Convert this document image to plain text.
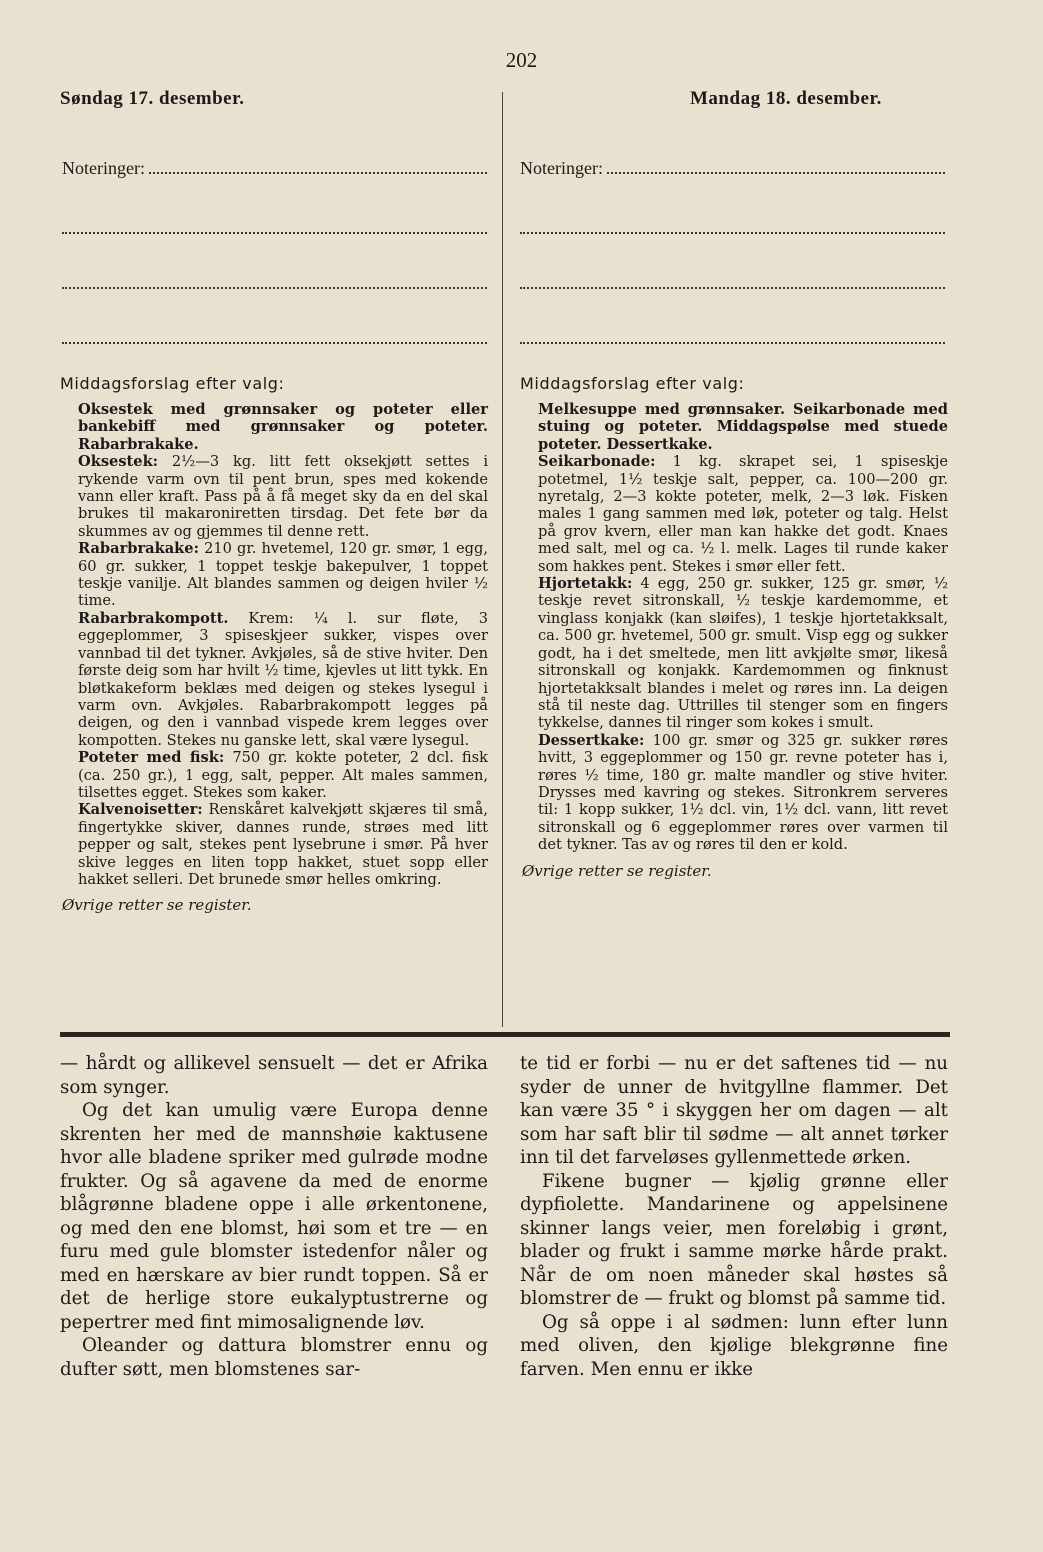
202
Søndag 17. desember.	Mandag 18. desember.
Noteringer:	Noteringer:
Middagsforslag efter valg:
Oksestek med grønnsaker og poteter eller bankebiff med grønnsaker og poteter. Rabarbrakake.
Oksestek: 2½—3 kg. litt fett oksekjøtt settes i rykende varm ovn til pent brun, spes med kokende vann eller kraft. Pass på å få meget sky da en del skal brukes til makaroniretten tirsdag. Det fete bør da skummes av og gjemmes til denne rett.
Rabarbrakake: 210 gr. hvetemel, 120 gr. smør, 1 egg, 60 gr. sukker, 1 toppet teskje bakepulver, 1 toppet teskje vanilje. Alt blandes sammen og deigen hviler ½ time.
Rabarbrakompott. Krem: ¼ l. sur fløte, 3 eggeplommer, 3 spiseskjeer sukker, vispes over vannbad til det tykner. Avkjøles, så de stive hviter. Den første deig som har hvilt ½ time, kjevles ut litt tykk. En bløtkakeform beklæs med deigen og stekes lysegul i varm ovn. Avkjøles. Rabarbrakompott legges på deigen, og den i vannbad vispede krem legges over kompotten. Stekes nu ganske lett, skal være lysegul.
Poteter med fisk: 750 gr. kokte poteter, 2 dcl. fisk (ca. 250 gr.), 1 egg, salt, pepper. Alt males sammen, tilsettes egget. Stekes som kaker.
Kalvenoisetter: Renskåret kalvekjøtt skjæres til små, fingertykke skiver, dannes runde, strøes med litt pepper og salt, stekes pent lysebrune i smør. På hver skive legges en liten topp hakket, stuet sopp eller hakket selleri. Det brunede smør helles omkring.
Øvrige retter se register.
Middagsforslag efter valg:
Melkesuppe med grønnsaker. Seikarbonade med stuing og poteter. Middagspølse med stuede poteter. Dessertkake.
Seikarbonade: 1 kg. skrapet sei, 1 spiseskje potetmel, 1½ teskje salt, pepper, ca. 100—200 gr. nyretalg, 2—3 kokte poteter, melk, 2—3 løk. Fisken males 1 gang sammen med løk, poteter og talg. Helst på grov kvern, eller man kan hakke det godt. Knaes med salt, mel og ca. ½ l. melk. Lages til runde kaker som hakkes pent. Stekes i smør eller fett.
Hjortetakk: 4 egg, 250 gr. sukker, 125 gr. smør, ½ teskje revet sitronskall, ½ teskje kardemomme, et vinglass konjakk (kan sløifes), 1 teskje hjortetakksalt, ca. 500 gr. hvetemel, 500 gr. smult. Visp egg og sukker godt, ha i det smeltede, men litt avkjølte smør, likeså sitronskall og konjakk. Kardemommen og finknust hjortetakksalt blandes i melet og røres inn. La deigen stå til neste dag. Uttrilles til stenger som en fingers tykkelse, dannes til ringer som kokes i smult.
Dessertkake: 100 gr. smør og 325 gr. sukker røres hvitt, 3 eggeplommer og 150 gr. revne poteter has i, røres ½ time, 180 gr. malte mandler og stive hviter. Drysses med kavring og stekes. Sitronkrem serveres til: 1 kopp sukker, 1½ dcl. vin, 1½ dcl. vann, litt revet sitronskall og 6 eggeplommer røres over varmen til det tykner. Tas av og røres til den er kold.
Øvrige retter se register.

— hårdt og allikevel sensuelt — det er Afrika som synger.

Og det kan umulig være Europa denne skrenten her med de mannshøie kaktusene hvor alle bladene spriker med gulrøde modne frukter. Og så agavene da med de enorme blågrønne bladene oppe i alle ørkentonene, og med den ene blomst, høi som et tre — en furu med gule blomster istedenfor nåler og med en hærskare av bier rundt toppen. Så er det de herlige store eukalyptustrerne og pepertrer med fint mimosalignende løv.

Oleander og dattura blomstrer ennu og dufter søtt, men blomstenes sar-

te tid er forbi — nu er det saftenes tid — nu syder de unner de hvitgyllne flammer. Det kan være 35 ° i skyggen her om dagen — alt som har saft blir til sødme — alt annet tørker inn til det farveløses gyllenmettede ørken.

Fikene bugner — kjølig grønne eller dypfiolette. Mandarinene og appelsinene skinner langs veier, men foreløbig i grønt, blader og frukt i samme mørke hårde prakt. Når de om noen måneder skal høstes så blomstrer de — frukt og blomst på samme tid.

Og så oppe i al sødmen: lunn efter lunn med oliven, den kjølige blekgrønne fine farven. Men ennu er ikke
